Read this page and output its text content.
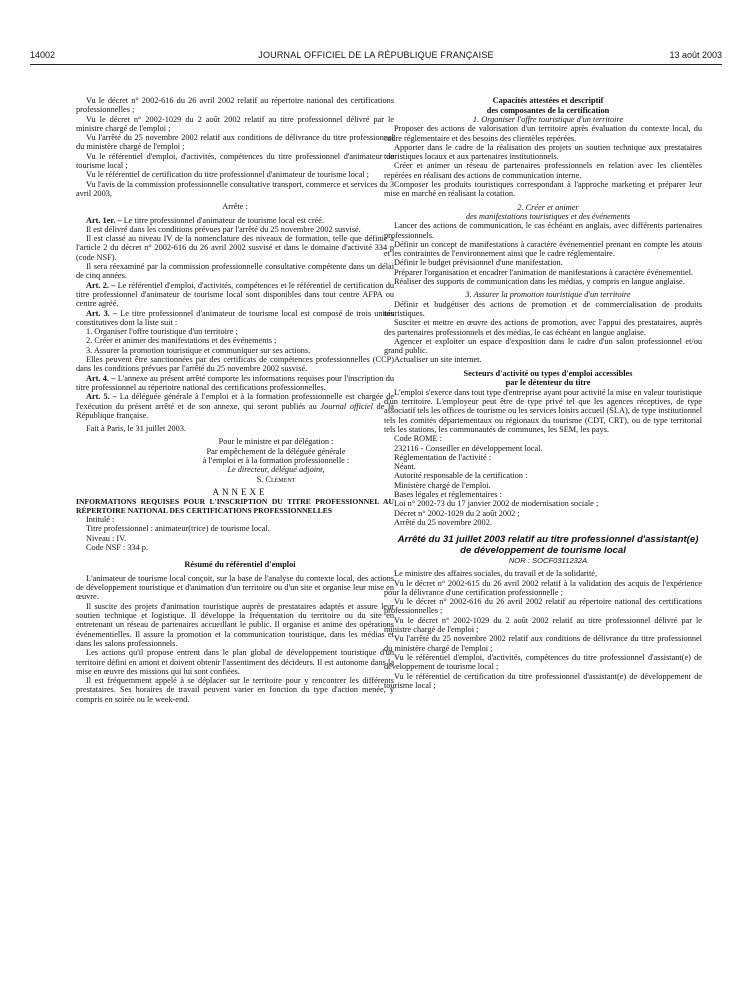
14002	JOURNAL OFFICIEL DE LA RÉPUBLIQUE FRANÇAISE	13 août 2003

Vu le décret n° 2002-616 du 26 avril 2002 relatif au répertoire national des certifications professionnelles ;

Vu le décret n° 2002-1029 du 2 août 2002 relatif au titre professionnel délivré par le ministre chargé de l'emploi ;

Vu l'arrêté du 25 novembre 2002 relatif aux conditions de délivrance du titre professionnel du ministère chargé de l'emploi ;

Vu le référentiel d'emploi, d'activités, compétences du titre professionnel d'animateur de tourisme local ;

Vu le référentiel de certification du titre professionnel d'animateur de tourisme local ;

Vu l'avis de la commission professionnelle consultative transport, commerce et services du 3 avril 2003,

Arrête :

Art. 1er. – Le titre professionnel d'animateur de tourisme local est créé.

Il est délivré dans les conditions prévues par l'arrêté du 25 novembre 2002 susvisé.

Il est classé au niveau IV de la nomenclature des niveaux de formation, telle que définie à l'article 2 du décret n° 2002-616 du 26 avril 2002 susvisé et dans le domaine d'activité 334 p (code NSF).

Il sera réexaminé par la commission professionnelle consultative compétente dans un délai de cinq années.

Art. 2. – Le référentiel d'emploi, d'activités, compétences et le référentiel de certification du titre professionnel d'animateur de tourisme local sont disponibles dans tout centre AFPA ou centre agréé.

Art. 3. – Le titre professionnel d'animateur de tourisme local est composé de trois unités constitutives dont la liste suit :

1. Organiser l'offre touristique d'un territoire ;

2. Créer et animer des manifestations et des événements ;

3. Assurer la promotion touristique et communiquer sur ses actions.

Elles peuvent être sanctionnées par des certificats de compétences professionnelles (CCP) dans les conditions prévues par l'arrêté du 25 novembre 2002 susvisé.

Art. 4. – L'annexe au présent arrêté comporte les informations requises pour l'inscription du titre professionnel au répertoire national des certifications professionnelles.

Art. 5. – La déléguée générale à l'emploi et à la formation professionnelle est chargée de l'exécution du présent arrêté et de son annexe, qui seront publiés au Journal officiel de la République française.

Fait à Paris, le 31 juillet 2003.

Pour le ministre et par délégation :

Par empêchement de la déléguée générale

à l'emploi et à la formation professionnelle :

Le directeur, délégué adjoint,

S. Clément

ANNEXE

INFORMATIONS REQUISES POUR L'INSCRIPTION DU TITRE PROFESSIONNEL AU RÉPERTOIRE NATIONAL DES CERTIFICATIONS PROFESSIONNELLES

Intitulé :

Titre professionnel : animateur(trice) de tourisme local.

Niveau : IV.

Code NSF : 334 p.

Résumé du référentiel d'emploi

L'animateur de tourisme local conçoit, sur la base de l'analyse du contexte local, des actions de développement touristique et d'animation d'un territoire ou d'un site et organise leur mise en œuvre.

Il suscite des projets d'animation touristique auprès de prestataires adaptés et assure leur soutien technique et logistique. Il développe la fréquentation du territoire ou du site en entretenant un réseau de partenaires accueillant le public. Il organise et anime des opérations événementielles. Il assure la promotion et la communication touristique, dans les médias et dans les salons professionnels.

Les actions qu'il propose entrent dans le plan global de développement touristique d'un territoire défini en amont et doivent obtenir l'assentiment des décideurs. Il est autonome dans la mise en œuvre des missions qui lui sont confiées.

Il est fréquemment appelé à se déplacer sur le territoire pour y rencontrer les différents prestataires. Ses horaires de travail peuvent varier en fonction du type d'action menée, y compris en soirée ou le week-end.

Capacités attestées et descriptif

des composantes de la certification

1. Organiser l'offre touristique d'un territoire

Proposer des actions de valorisation d'un territoire après évaluation du contexte local, du cadre réglementaire et des besoins des clientèles repérées.

Apporter dans le cadre de la réalisation des projets un soutien technique aux prestataires touristiques locaux et aux partenaires institutionnels.

Créer et animer un réseau de partenaires professionnels en relation avec les clientèles repérées en réalisant des actions de communication interne.

Composer les produits touristiques correspondant à l'approche marketing et préparer leur mise en marché en réalisant la cotation.

2. Créer et animer

des manifestations touristiques et des événements

Lancer des actions de communication, le cas échéant en anglais, avec différents partenaires professionnels.

Définir un concept de manifestations à caractère événementiel prenant en compte les atouts et les contraintes de l'environnement ainsi que le cadre réglementaire.

Définir le budget prévisionnel d'une manifestation.

Préparer l'organisation et encadrer l'animation de manifestations à caractère événementiel.

Réaliser des supports de communication dans les médias, y compris en langue anglaise.

3. Assurer la promotion touristique d'un territoire

Définir et budgétiser des actions de promotion et de commercialisation de produits touristiques.

Susciter et mettre en œuvre des actions de promotion, avec l'appui des prestataires, auprès des partenaires professionnels et des médias, le cas échéant en langue anglaise.

Agencer et exploiter un espace d'exposition dans le cadre d'un salon professionnel et/ou grand public.

Actualiser un site internet.

Secteurs d'activité ou types d'emploi accessibles

par le détenteur du titre

L'emploi s'exerce dans tout type d'entreprise ayant pour activité la mise en valeur touristique d'un territoire. L'employeur peut être de type privé tel que les agences réceptives, de type associatif tels les offices de tourisme ou les services loisirs accueil (SLA), de type institutionnel tels les comités départementaux ou régionaux du tourisme (CDT, CRT), ou de type territorial tels les stations, les communautés de communes, les SEM, les pays.

Code ROME :

232116 - Conseiller en développement local.

Réglementation de l'activité :

Néant.

Autorité responsable de la certification :

Ministère chargé de l'emploi.

Bases légales et réglementaires :

Loi n° 2002-73 du 17 janvier 2002 de modernisation sociale ;

Décret n° 2002-1029 du 2 août 2002 ;

Arrêté du 25 novembre 2002.

Arrêté du 31 juillet 2003 relatif au titre professionnel d'assistant(e) de développement de tourisme local

NOR : SOCF0311232A

Le ministre des affaires sociales, du travail et de la solidarité,

Vu le décret n° 2002-615 du 26 avril 2002 relatif à la validation des acquis de l'expérience pour la délivrance d'une certification professionnelle ;

Vu le décret n° 2002-616 du 26 avril 2002 relatif au répertoire national des certifications professionnelles ;

Vu le décret n° 2002-1029 du 2 août 2002 relatif au titre professionnel délivré par le ministre chargé de l'emploi ;

Vu l'arrêté du 25 novembre 2002 relatif aux conditions de délivrance du titre professionnel du ministère chargé de l'emploi ;

Vu le référentiel d'emploi, d'activités, compétences du titre professionnel d'assistant(e) de développement de tourisme local ;

Vu le référentiel de certification du titre professionnel d'assistant(e) de développement de tourisme local ;
